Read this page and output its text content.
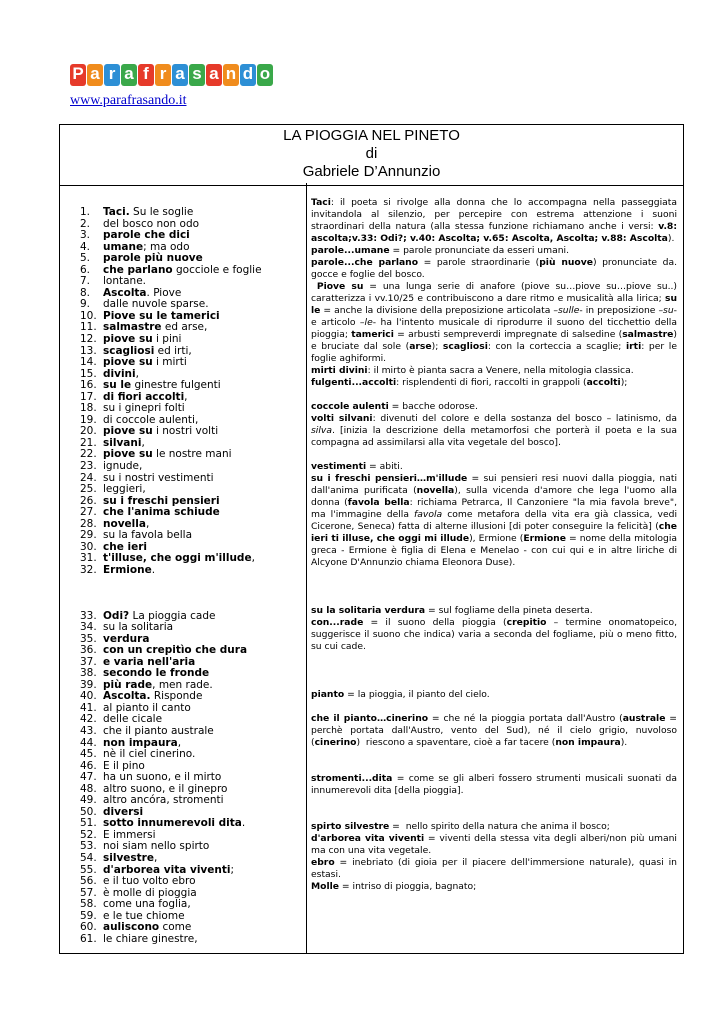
P a r a f r a s a n d o
www.parafrasando.it
LA PIOGGIA NEL PINETO
di
Gabriele D’Annunzio
1. Taci. Su le soglie
2. del bosco non odo
3. parole che dici
4. umane; ma odo
5. parole più nuove
6. che parlano gocciole e foglie
7. lontane.
8. Ascolta. Piove
9. dalle nuvole sparse.
10. Piove su le tamerici
11. salmastre ed arse,
12. piove su i pini
13. scagliosi ed irti,
14. piove su i mirti
15. divini,
16. su le ginestre fulgenti
17. di fiori accolti,
18. su i ginepri folti
19. di coccole aulenti,
20. piove su i nostri volti
21. silvani,
22. piove su le nostre mani
23. ignude,
24. su i nostri vestimenti
25. leggieri,
26. su i freschi pensieri
27. che l'anima schiude
28. novella,
29. su la favola bella
30. che ieri
31. t'illuse, che oggi m'illude,
32. Ermione.
33. Odi? La pioggia cade
34. su la solitaria
35. verdura
36. con un crepitìo che dura
37. e varia nell'aria
38. secondo le fronde
39. più rade, men rade.
40. Ascolta. Risponde
41. al pianto il canto
42. delle cicale
43. che il pianto australe
44. non impaura,
45. nè il ciel cinerino.
46. E il pino
47. ha un suono, e il mirto
48. altro suono, e il ginepro
49. altro ancóra, stromenti
50. diversi
51. sotto innumerevoli dita.
52. E immersi
53. noi siam nello spirto
54. silvestre,
55. d'arborea vita viventi;
56. e il tuo volto ebro
57. è molle di pioggia
58. come una foglia,
59. e le tue chiome
60. auliscono come
61. le chiare ginestre,

Taci: il poeta si rivolge alla donna che lo accompagna nella passeggiata invitandola al silenzio, per percepire con estrema attenzione i suoni straordinari della natura (alla stessa funzione richiamano anche i versi: v.8: ascolta;v.33: Odi?; v.40: Ascolta; v.65: Ascolta, Ascolta; v.88: Ascolta).

parole...umane = parole pronunciate da esseri umani.

parole...che parlano = parole straordinarie (più nuove) pronunciate da. gocce e foglie del bosco.

Piove su = una lunga serie di anafore (piove su…piove su…piove su..) caratterizza i vv.10/25 e contribuiscono a dare ritmo e musicalità alla lirica; su le = anche la divisione della preposizione articolata –sulle- in preposizione –su- e articolo –le- ha l'intento musicale di riprodurre il suono del ticchettio della pioggia; tamerici = arbusti sempreverdi impregnate di salsedine (salmastre) e bruciate dal sole (arse); scagliosi: con la corteccia a scaglie; irti: per le foglie aghiformi.

mirti divini: il mirto è pianta sacra a Venere, nella mitologia classica.

fulgenti...accolti: risplendenti di fiori, raccolti in grappoli (accolti);

coccole aulenti = bacche odorose.

volti silvani: divenuti del colore e della sostanza del bosco – latinismo, da silva. [inizia la descrizione della metamorfosi che porterà il poeta e la sua compagna ad assimilarsi alla vita vegetale del bosco].

vestimenti = abiti.

su i freschi pensieri…m'illude = sui pensieri resi nuovi dalla pioggia, nati dall'anima purificata (novella), sulla vicenda d'amore che lega l'uomo alla donna (favola bella: richiama Petrarca, Il Canzoniere "la mia favola breve", ma l'immagine della favola come metafora della vita era già classica, vedi Cicerone, Seneca) fatta di alterne illusioni [di poter conseguire la felicità] (che ieri ti illuse, che oggi mi illude), Ermione (Ermione = nome della mitologia greca - Ermione è figlia di Elena e Menelao - con cui qui e in altre liriche di Alcyone D'Annunzio chiama Eleonora Duse).

su la solitaria verdura = sul fogliame della pineta deserta.

con...rade = il suono della pioggia (crepitio – termine onomatopeico, suggerisce il suono che indica) varia a seconda del fogliame, più o meno fitto, su cui cade.

pianto = la pioggia, il pianto del cielo.

che il pianto…cinerino = che né la pioggia portata dall'Austro (australe = perchè portata dall'Austro, vento del Sud), né il cielo grigio, nuvoloso (cinerino)  riescono a spaventare, cioè a far tacere (non impaura).

stromenti...dita = come se gli alberi fossero strumenti musicali suonati da innumerevoli dita [della pioggia].

spirto silvestre =  nello spirito della natura che anima il bosco;

d'arborea vita viventi = viventi della stessa vita degli alberi/non più umani ma con una vita vegetale.

ebro = inebriato (di gioia per il piacere dell'immersione naturale), quasi in estasi.

Molle = intriso di pioggia, bagnato;
